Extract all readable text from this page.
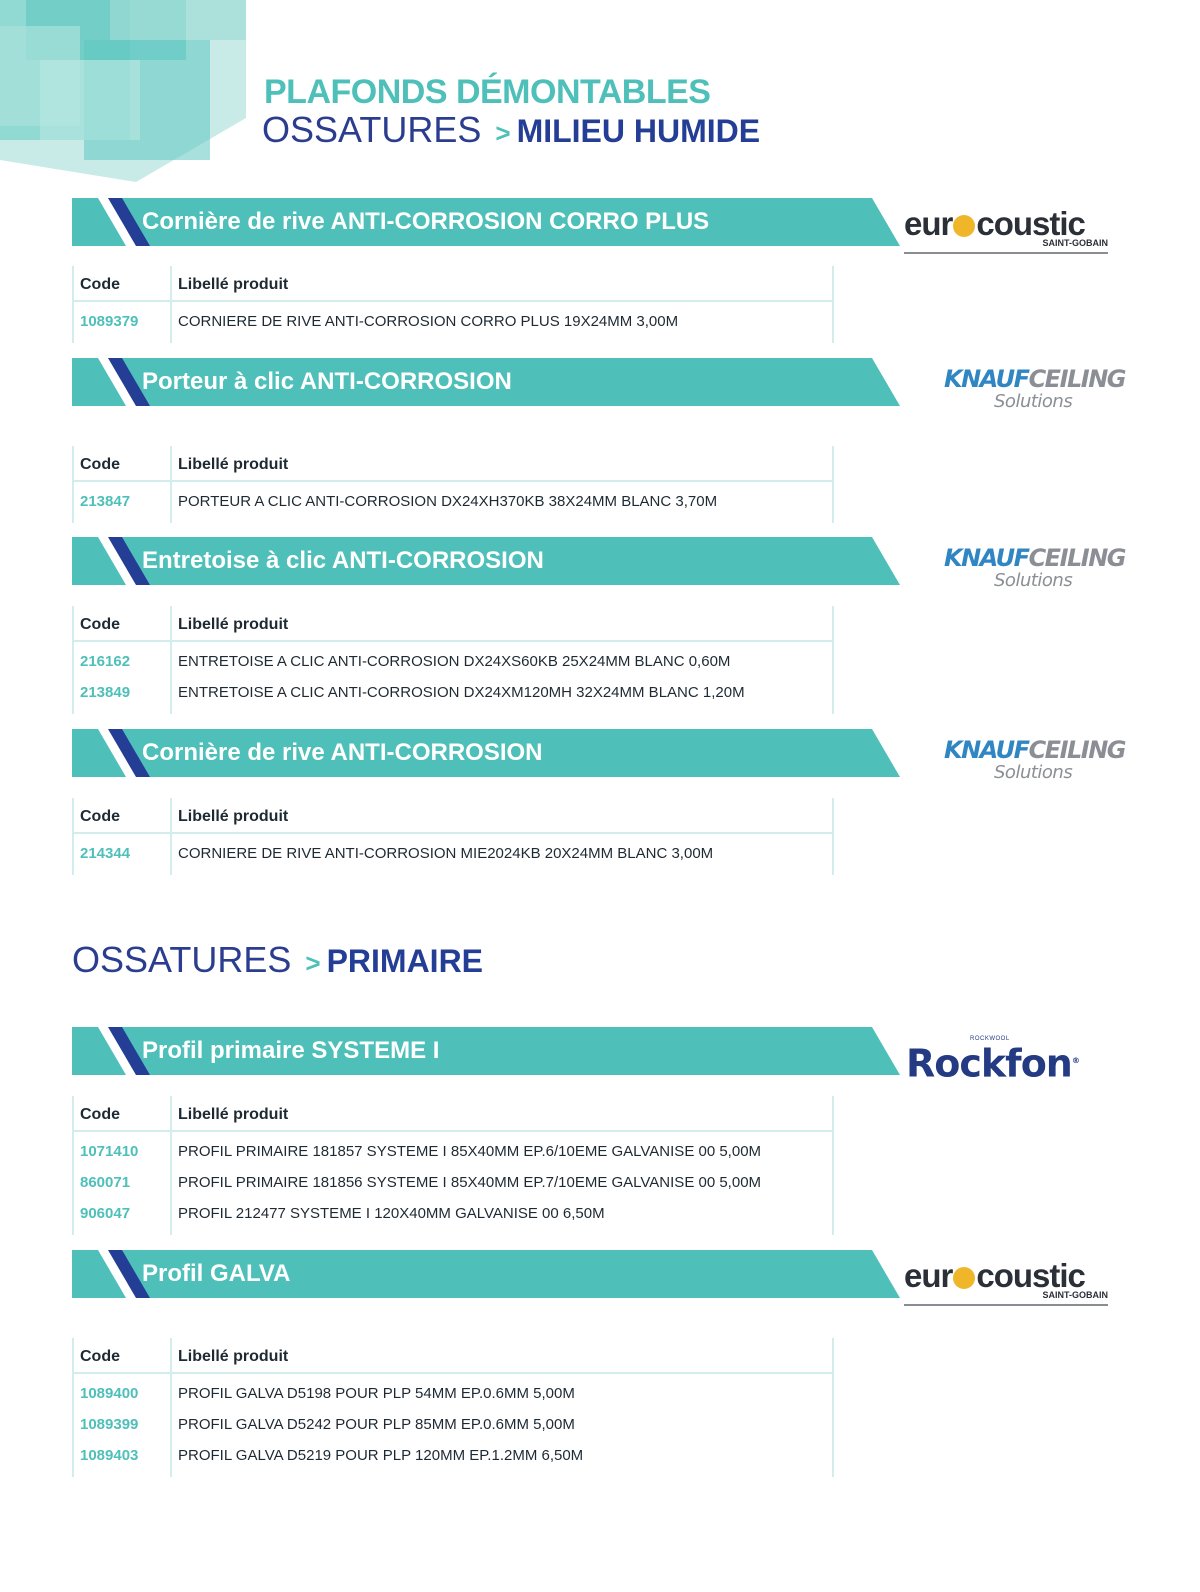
PLAFONDS DÉMONTABLES
OSSATURES > MILIEU HUMIDE
OSSATURES > PRIMAIRE
Cornière de rive ANTI-CORROSION CORRO PLUS
Code	Libellé produit
1089379	CORNIERE DE RIVE ANTI-CORROSION CORRO PLUS 19X24MM 3,00M
eur coustic
SAINT-GOBAIN
Porteur à clic ANTI-CORROSION
Code	Libellé produit
213847	PORTEUR A CLIC ANTI-CORROSION DX24XH370KB 38X24MM BLANC 3,70M
KNAUFCEILING
Solutions
Entretoise à clic ANTI-CORROSION
Code	Libellé produit
216162	ENTRETOISE A CLIC ANTI-CORROSION DX24XS60KB 25X24MM BLANC 0,60M
213849	ENTRETOISE A CLIC ANTI-CORROSION DX24XM120MH 32X24MM BLANC 1,20M
KNAUFCEILING
Solutions
Cornière de rive ANTI-CORROSION
Code	Libellé produit
214344	CORNIERE DE RIVE ANTI-CORROSION MIE2024KB 20X24MM BLANC 3,00M
KNAUFCEILING
Solutions
Profil primaire SYSTEME I
Code	Libellé produit
1071410	PROFIL PRIMAIRE 181857 SYSTEME I 85X40MM EP.6/10EME GALVANISE 00 5,00M
860071	PROFIL PRIMAIRE 181856 SYSTEME I 85X40MM EP.7/10EME GALVANISE 00 5,00M
906047	PROFIL 212477 SYSTEME I 120X40MM GALVANISE 00 6,50M
ROCKWOOL
Rockfon®
Profil GALVA
Code	Libellé produit
1089400	PROFIL GALVA D5198 POUR PLP 54MM EP.0.6MM 5,00M
1089399	PROFIL GALVA D5242 POUR PLP 85MM EP.0.6MM 5,00M
1089403	PROFIL GALVA D5219 POUR PLP 120MM EP.1.2MM 6,50M
eur coustic
SAINT-GOBAIN
